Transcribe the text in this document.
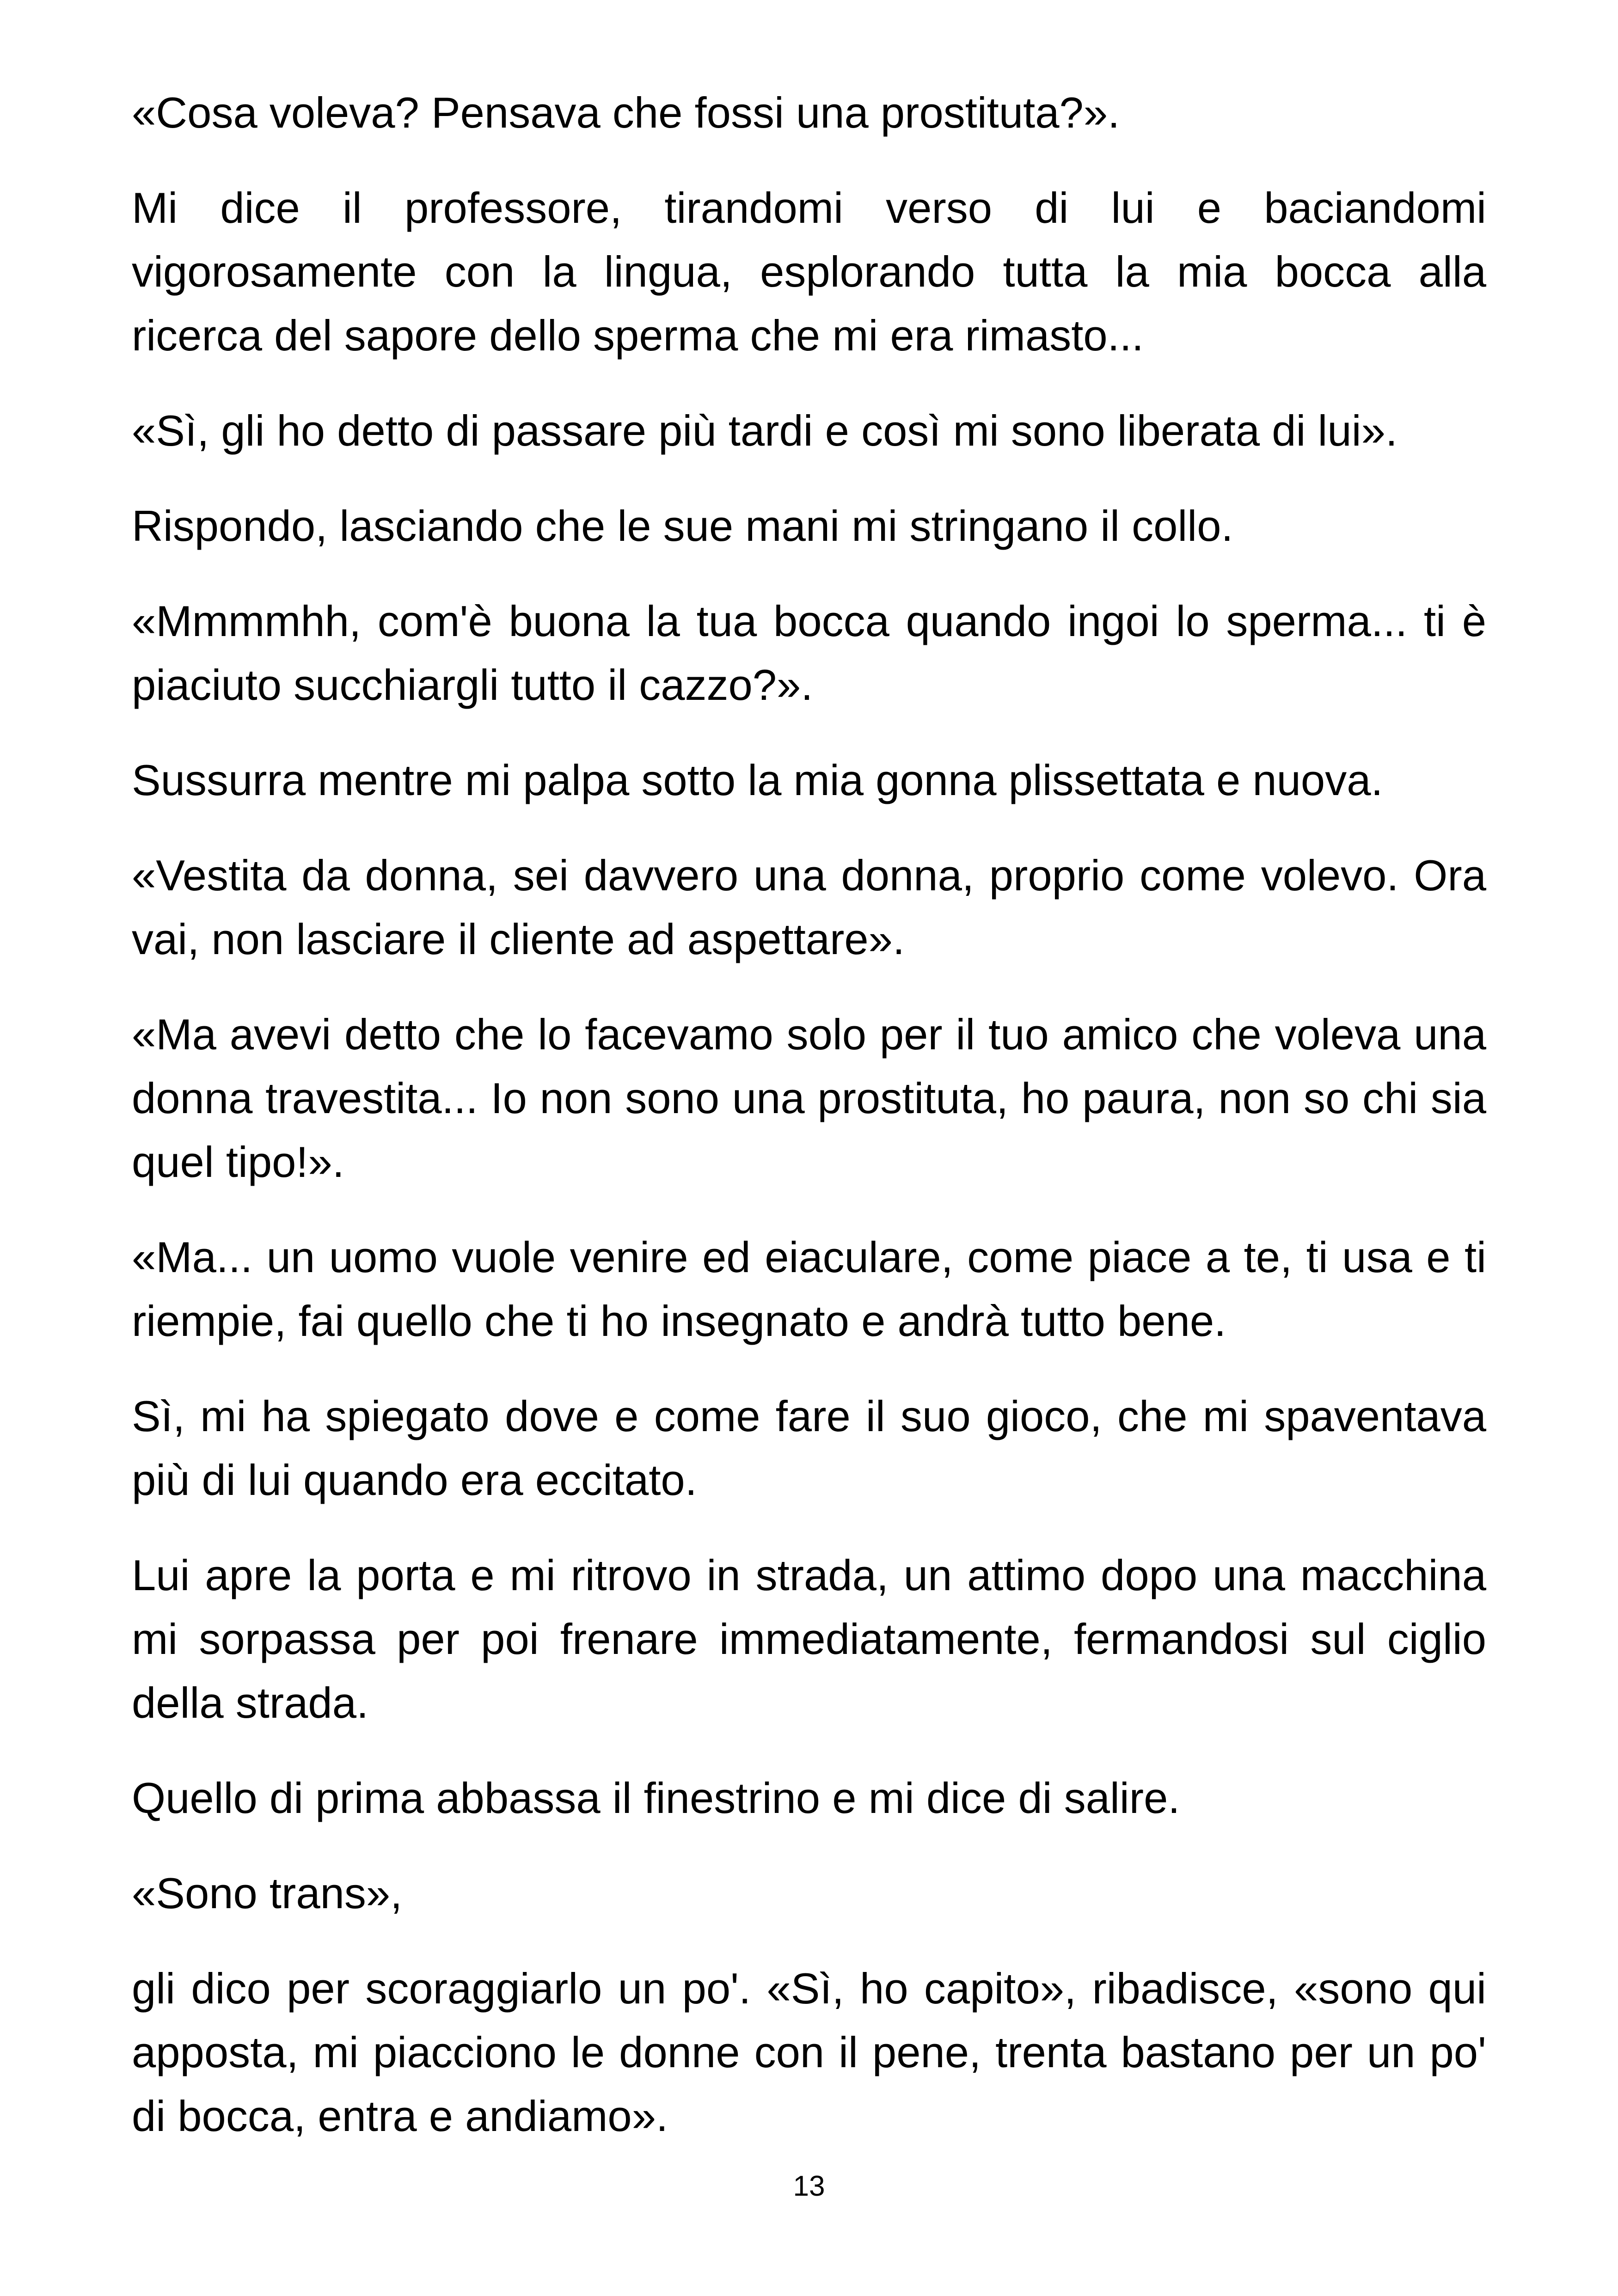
«Cosa voleva? Pensava che fossi una prostituta?».

Mi dice il professore, tirandomi verso di lui e baciandomi vigorosamente con la lingua, esplorando tutta la mia bocca alla ricerca del sapore dello sperma che mi era rimasto...

«Sì, gli ho detto di passare più tardi e così mi sono liberata di lui».

Rispondo, lasciando che le sue mani mi stringano il collo.

«Mmmmhh, com'è buona la tua bocca quando ingoi lo sperma... ti è piaciuto succhiargli tutto il cazzo?».

Sussurra mentre mi palpa sotto la mia gonna plissettata e nuova.

«Vestita da donna, sei davvero una donna, proprio come volevo. Ora vai, non lasciare il cliente ad aspettare».

«Ma avevi detto che lo facevamo solo per il tuo amico che voleva una donna travestita... Io non sono una prostituta, ho paura, non so chi sia quel tipo!».

«Ma... un uomo vuole venire ed eiaculare, come piace a te, ti usa e ti riempie, fai quello che ti ho insegnato e andrà tutto bene.

Sì, mi ha spiegato dove e come fare il suo gioco, che mi spaventava più di lui quando era eccitato.

Lui apre la porta e mi ritrovo in strada, un attimo dopo una macchina mi sorpassa per poi frenare immediatamente, fermandosi sul ciglio della strada.

Quello di prima abbassa il finestrino e mi dice di salire.

«Sono trans»,

gli dico per scoraggiarlo un po'. «Sì, ho capito», ribadisce, «sono qui apposta, mi piacciono le donne con il pene, trenta bastano per un po' di bocca, entra e andiamo».

13
